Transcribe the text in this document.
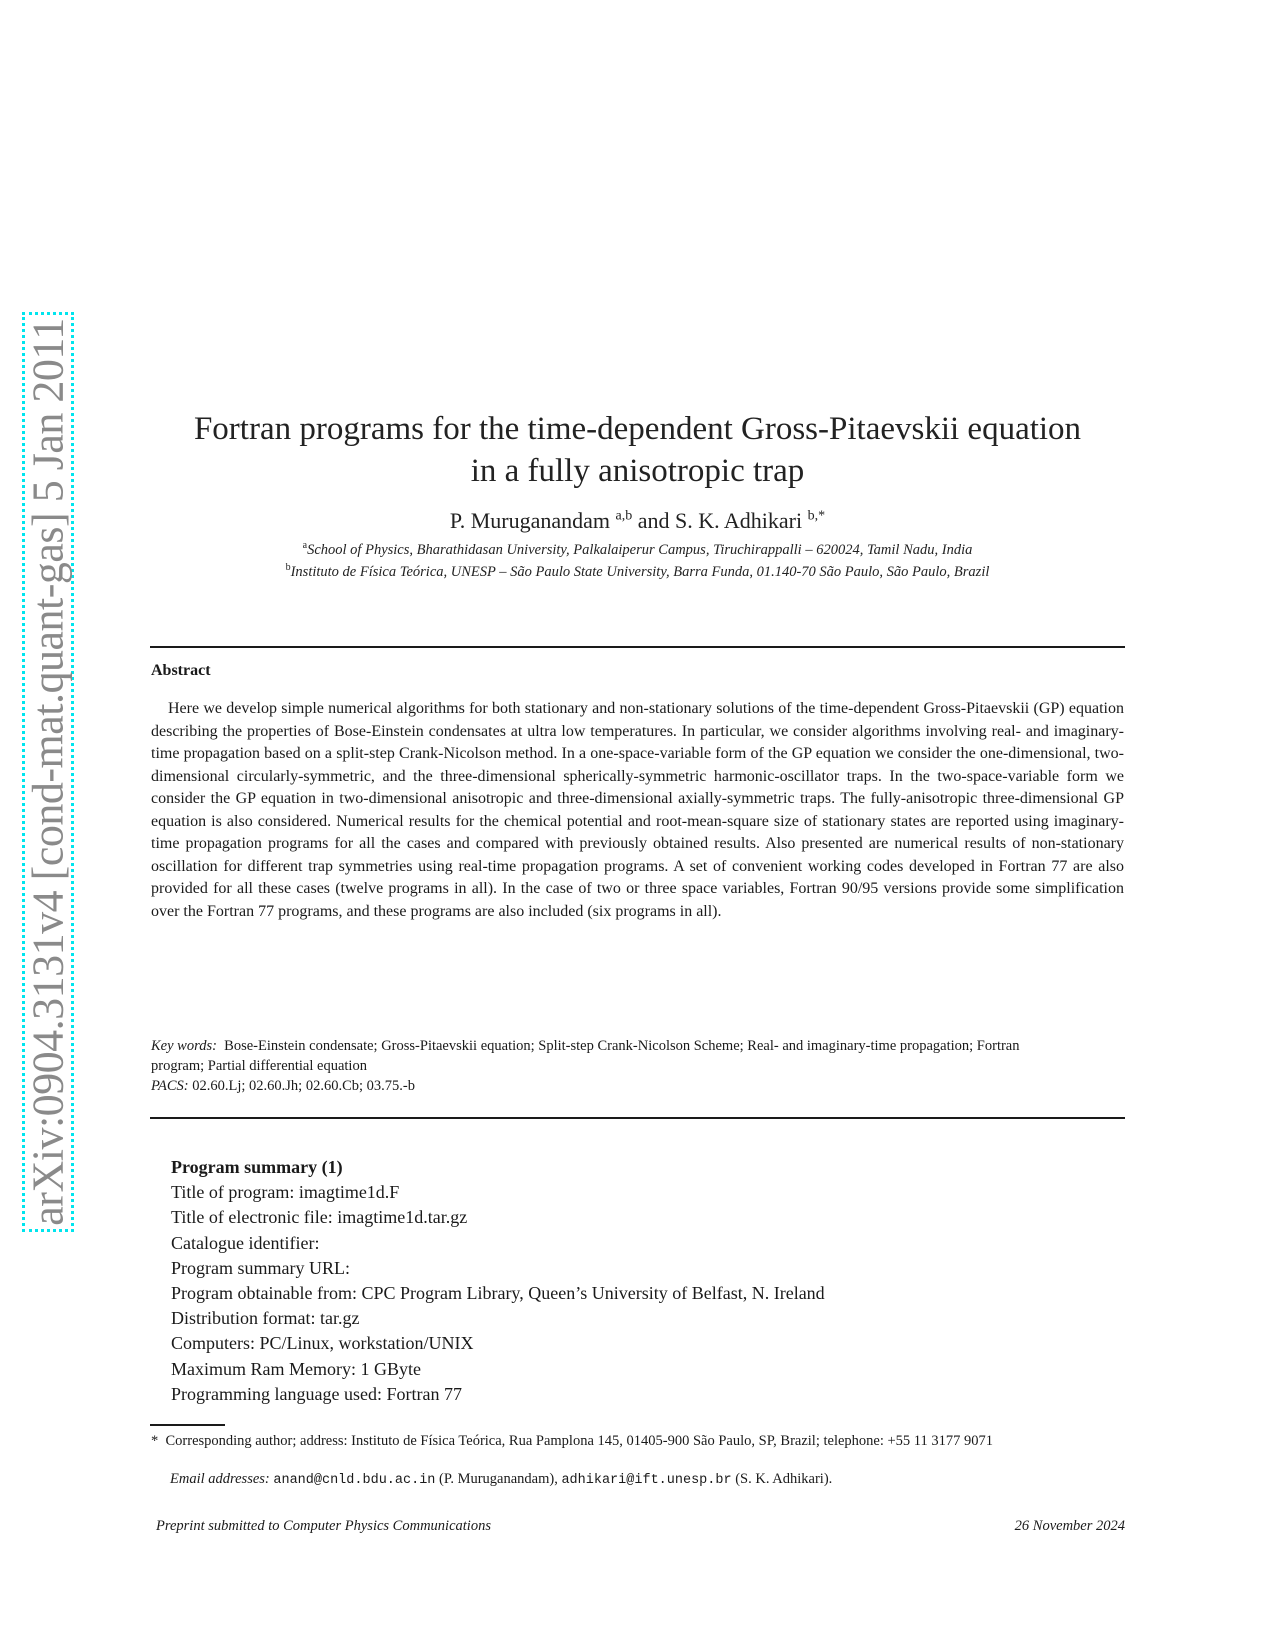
arXiv:0904.3131v4 [cond-mat.quant-gas] 5 Jan 2011	Fortran programs for the time-dependent Gross-Pitaevskii equation
in a fully anisotropic trap
P. Muruganandam $^{a,b}$ and S. K. Adhikari $^{b,*}$
$^a$School of Physics, Bharathidasan University, Palkalaiperur Campus, Tiruchirappalli – 620024, Tamil Nadu, India
$^b$Instituto de Física Teórica, UNESP – São Paulo State University, Barra Funda, 01.140-70 São Paulo, São Paulo, Brazil
Abstract
Here we develop simple numerical algorithms for both stationary and non-stationary solutions of the time-dependent Gross-Pitaevskii (GP) equation describing the properties of Bose-Einstein condensates at ultra low temperatures. In particular, we consider algorithms involving real- and imaginary-time propagation based on a split-step Crank-Nicolson method. In a one-space-variable form of the GP equation we consider the one-dimensional, two-dimensional circularly-symmetric, and the three-dimensional spherically-symmetric harmonic-oscillator traps. In the two-space-variable form we consider the GP equation in two-dimensional anisotropic and three-dimensional axially-symmetric traps. The fully-anisotropic three-dimensional GP equation is also considered. Numerical results for the chemical potential and root-mean-square size of stationary states are reported using imaginary-time propagation programs for all the cases and compared with previously obtained results. Also presented are numerical results of non-stationary oscillation for different trap symmetries using real-time propagation programs. A set of convenient working codes developed in Fortran 77 are also provided for all these cases (twelve programs in all). In the case of two or three space variables, Fortran 90/95 versions provide some simplification over the Fortran 77 programs, and these programs are also included (six programs in all).
Key words: Bose-Einstein condensate; Gross-Pitaevskii equation; Split-step Crank-Nicolson Scheme; Real- and imaginary-time propagation; Fortran program; Partial differential equation
PACS: 02.60.Lj; 02.60.Jh; 02.60.Cb; 03.75.-b
Program summary (1)
Title of program: imagtime1d.F
Title of electronic file: imagtime1d.tar.gz
Catalogue identifier:
Program summary URL:
Program obtainable from: CPC Program Library, Queen’s University of Belfast, N. Ireland
Distribution format: tar.gz
Computers: PC/Linux, workstation/UNIX
Maximum Ram Memory: 1 GByte
Programming language used: Fortran 77
* Corresponding author; address: Instituto de Física Teórica, Rua Pamplona 145, 01405-900 São Paulo, SP, Brazil; telephone: +55 11 3177 9071
Email addresses: anand@cnld.bdu.ac.in (P. Muruganandam), adhikari@ift.unesp.br (S. K. Adhikari).
Preprint submitted to Computer Physics Communications	26 November 2024
